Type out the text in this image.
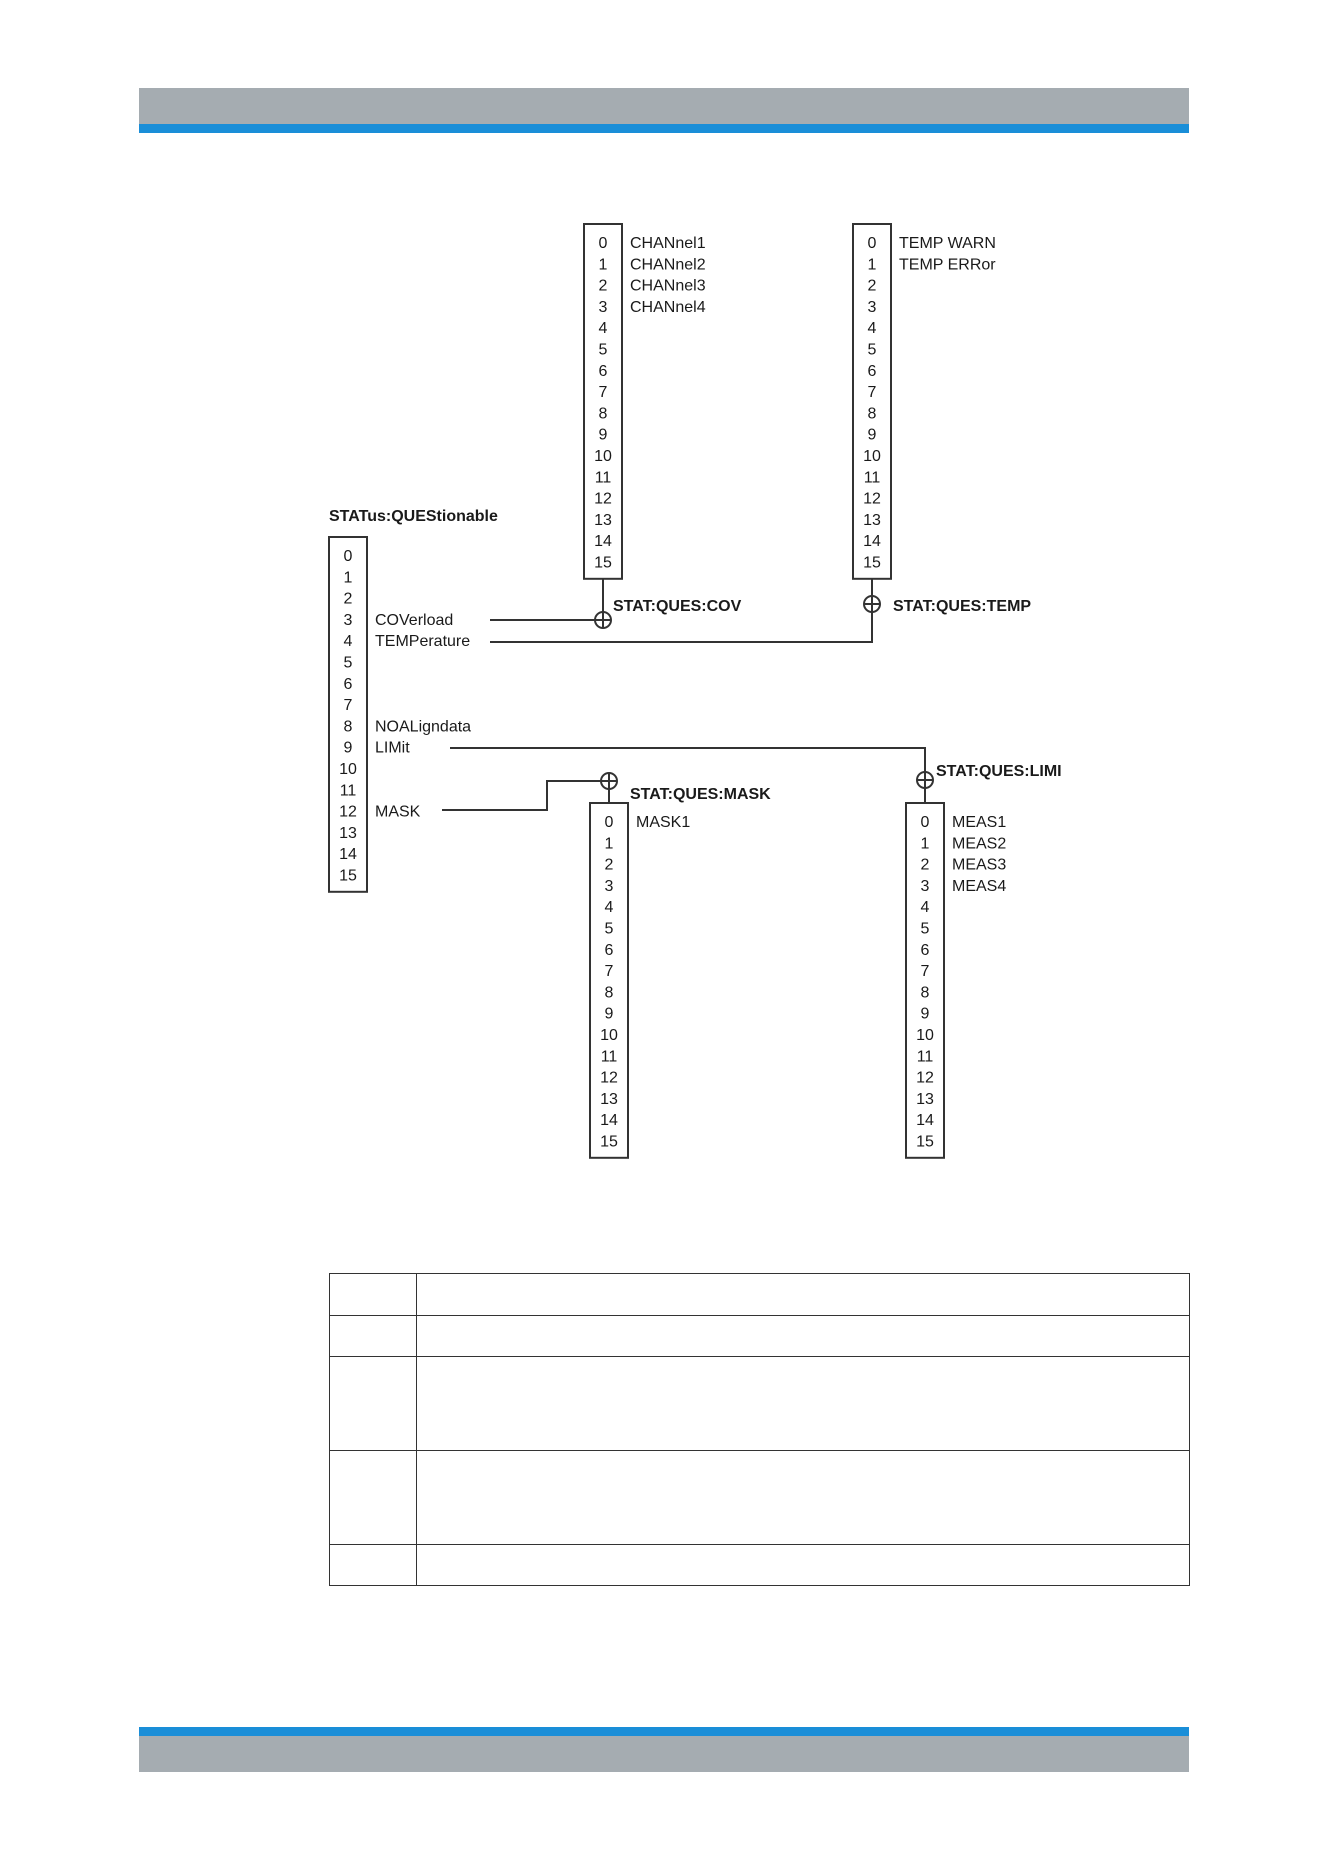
0
1
2
3 COVerload
4 TEMPerature
5
6
7
8 NOALigndata
9 LIMit
10
11
12 MASK
13
14
15
STATus:QUEStionable
0 CHANnel1
1 CHANnel2
2 CHANnel3
3 CHANnel4
4
5
6
7
8
9
10
11
12
13
14
15
STAT:QUES:COV
0 TEMP WARN
1 TEMP ERRor
2
3
4
5
6
7
8
9
10
11
12
13
14
15
STAT:QUES:TEMP
0 MASK1
1
2
3
4
5
6
7
8
9
10
11
12
13
14
15
STAT:QUES:MASK
0 MEAS1
1 MEAS2
2 MEAS3
3 MEAS4
4
5
6
7
8
9
10
11
12
13
14
15
STAT:QUES:LIMI
